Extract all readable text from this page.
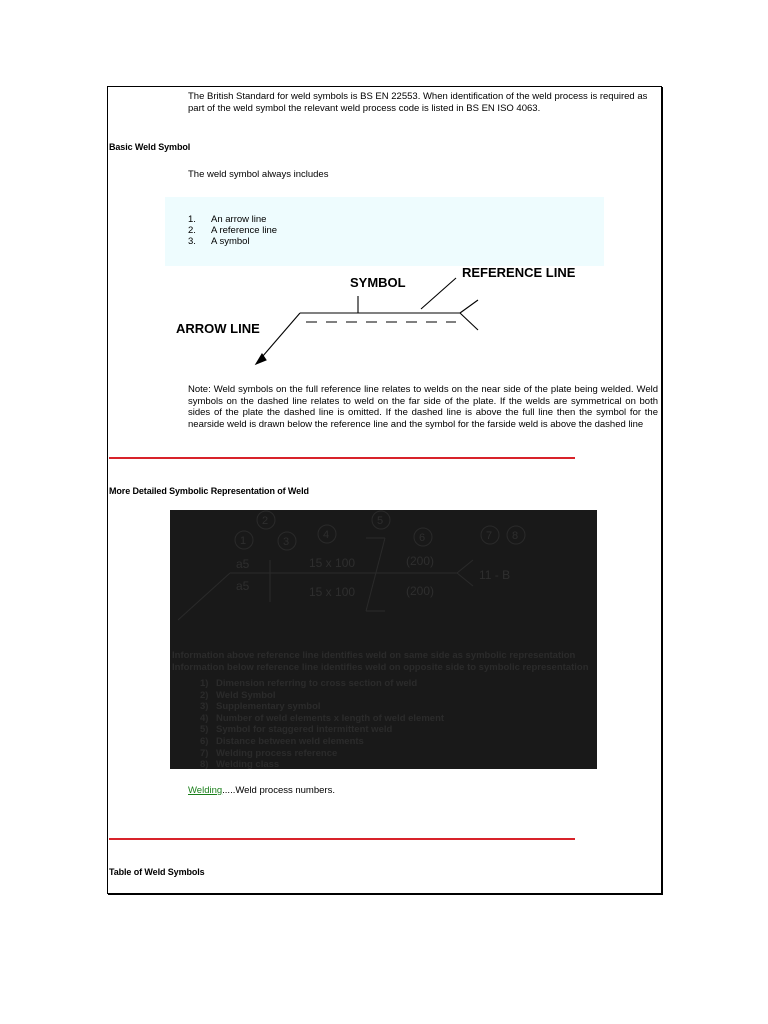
The British Standard for weld symbols is BS EN 22553. When identification of the weld process is required as part of the weld symbol the relevant weld process code is listed in BS EN ISO 4063.
Basic Weld Symbol
The weld symbol always includes
1.	An arrow line
2.	A reference line
3.	A symbol
SYMBOL
REFERENCE LINE
ARROW LINE
Note: Weld symbols on the full reference line relates to welds on the near side of the plate being welded. Weld symbols on the dashed line relates to weld on the far side of the plate. If the welds are symmetrical on both sides of the plate the dashed line is omitted. If the dashed line is above the full line then the symbol for the nearside weld is drawn below the reference line and the symbol for the farside weld is above the dashed line
More Detailed Symbolic Representation of Weld
2
1	3
4
5
6	7 8
a5
a5
15 x 100
15 x 100
(200)
(200)
11 - B
Information above reference line identifies weld on same side as symbolic representation
Information below reference line identifies weld on opposite side to symbolic representation
1) Dimension referring to cross section of weld
2) Weld Symbol
3) Supplementary symbol
4) Number of weld elements x length of weld element
5) Symbol for staggered intermittent weld
6) Distance between weld elements
7) Welding process reference
8) Welding class
Welding.....Weld process numbers.
Table of Weld Symbols
